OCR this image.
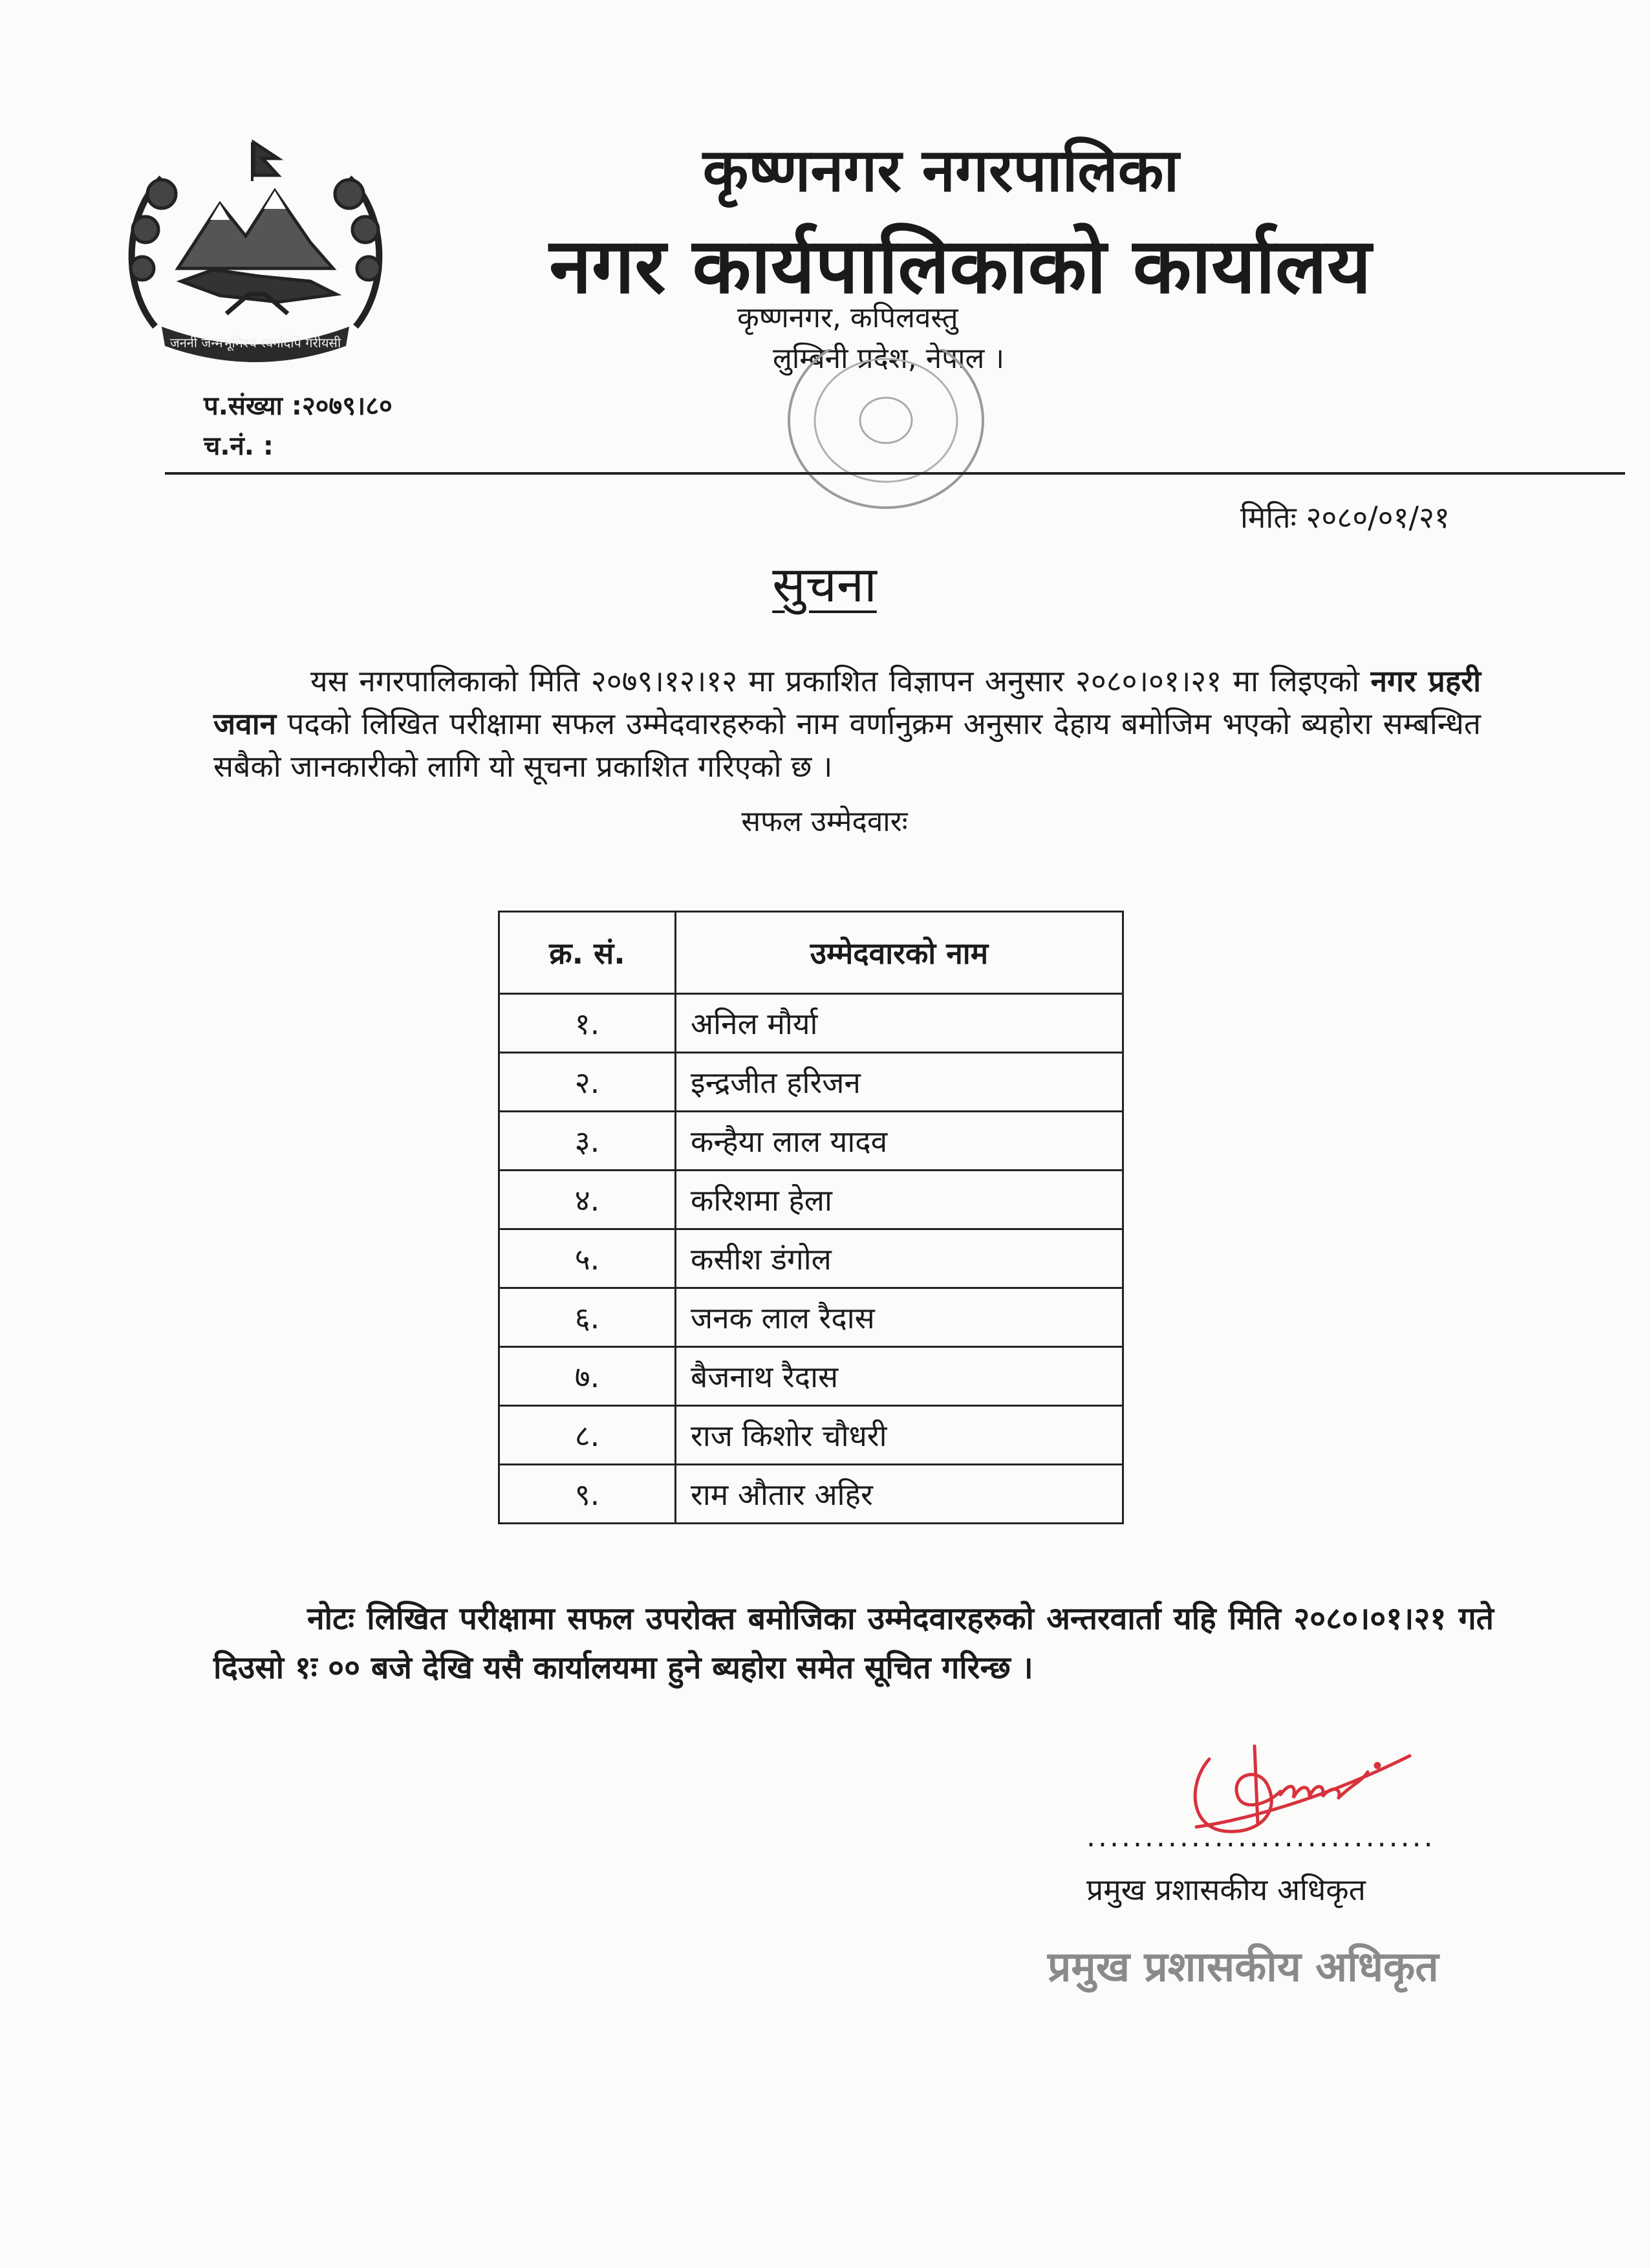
जननी जन्मभूमिश्च स्वर्गादपि गरीयसी
कृष्णनगर नगरपालिका
नगर कार्यपालिकाको कार्यालय
कृष्णनगर, कपिलवस्तु
लुम्बिनी प्रदेश, नेपाल ।
प.संख्या :२०७९।८०
च.नं. :
मितिः २०८०/०१/२१
सुचना
यस नगरपालिकाको मिति २०७९।१२।१२ मा प्रकाशित विज्ञापन अनुसार २०८०।०१।२१ मा लिइएको नगर प्रहरी जवान पदको लिखित परीक्षामा सफल उम्मेदवारहरुको नाम वर्णानुक्रम अनुसार देहाय बमोजिम भएको ब्यहोरा सम्बन्धित सबैको जानकारीको लागि यो सूचना प्रकाशित गरिएको छ ।
सफल उम्मेदवारः
क्र. सं.	उम्मेदवारको नाम
१.	अनिल मौर्या
२.	इन्द्रजीत हरिजन
३.	कन्हैया लाल यादव
४.	करिशमा हेला
५.	कसीश डंगोल
६.	जनक लाल रैदास
७.	बैजनाथ रैदास
८.	राज किशोर चौधरी
९.	राम औतार अहिर
नोटः लिखित परीक्षामा सफल उपरोक्त बमोजिका उम्मेदवारहरुको अन्तरवार्ता यहि मिति २०८०।०१।२१ गते दिउसो १ः ०० बजे देखि यसै कार्यालयमा हुने ब्यहोरा समेत सूचित गरिन्छ ।
..............................
प्रमुख प्रशासकीय अधिकृत
प्रमुख प्रशासकीय अधिकृत
